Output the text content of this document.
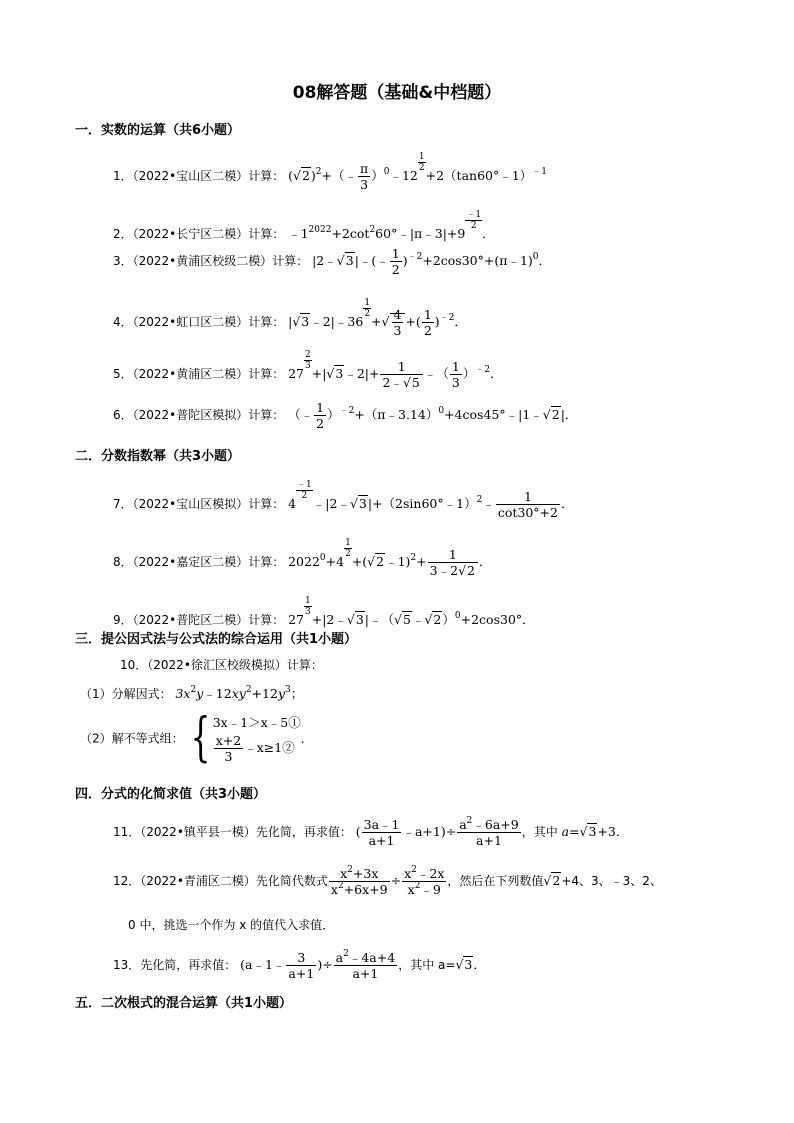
08解答题（基础&中档题）
一．实数的运算（共6小题）
1．（2022•宝山区二模）计算： $(√2)^2+(﹣ \frac{\pi}{3}$ ）$^0$﹣12
$\frac{1}{2}$
+2（tan60°﹣1）$^{﹣1}$
2．（2022•长宁区二模）计算： $﹣1^{2022}+2\cot^260^\circ﹣|\pi﹣3|+9$
$\frac{﹣1}{2}$
．
3．（2022•黄浦区校级二模）计算： |2﹣√3|﹣(﹣ $\frac{1}{2}$ )$^{﹣2}$+2cos30°+(π﹣1)$^0$．
4．（2022•虹口区二模）计算： |√3﹣2|﹣36
$\frac{1}{2}$
+√ $\frac{4}{3}$ +( $\frac{1}{2} )^{﹣2}$．
5．（2022•黄浦区二模）计算： 27
$\frac{2}{3}$
+|√3﹣2|+ $\frac{1}{2﹣√5}$ ﹣（ $\frac{1}{3} )^{﹣2}$．
6．（2022•普陀区模拟）计算： （﹣ $\frac{1}{2}$ ）$^{﹣2}$+（π﹣3.14）$^0$+4cos45°﹣|1﹣√2|．
二．分数指数幂（共3小题）
7．（2022•宝山区模拟）计算： 4
$\frac{﹣1}{2}$
﹣|2﹣√3|+（2sin60°﹣1）$^2$﹣ $\frac{1}{\cot 30^\circ+2}$ ．
8．（2022•嘉定区二模）计算： $2022^0+4$
$\frac{1}{2}$
+(√2﹣1)$^2$+ $\frac{1}{3﹣2√2}$ ．
9．（2022•普陀区二模）计算： 27
$\frac{1}{3}$
+|2﹣√3|﹣（√5﹣√2）$^0$+2cos30°．
三．提公因式法与公式法的综合运用（共1小题）
10．（2022•徐汇区校级模拟）计算：
（1）分解因式： $3x^2y﹣12xy^2+12y^3$；
（2）解不等式组： { 3x﹣1＞x﹣5①
$\frac{x+2}{3}$ ﹣x≥1②
．
四．分式的化简求值（共3小题）
11．（2022•镇平县一模）先化简，再求值： ( $\frac{3a﹣1}{a+1}$ ﹣a+1)÷ $\frac{a^2﹣6a+9}{a+1}$ ，其中 a=√3+3．
12．（2022•青浦区二模）先化简代数式 $\frac{x^2+3x}{x^2+6x+9} \div \frac{x^2﹣2x}{x^2﹣9}$ ，然后在下列数值√2+4、3、﹣3、2、
0 中，挑选一个作为 x 的值代入求值．
13．先化简，再求值： (a﹣1﹣ $\frac{3}{a+1}$ )÷ $\frac{a^2﹣4a+4}{a+1}$ ，其中 a=√3．
五．二次根式的混合运算（共1小题）
